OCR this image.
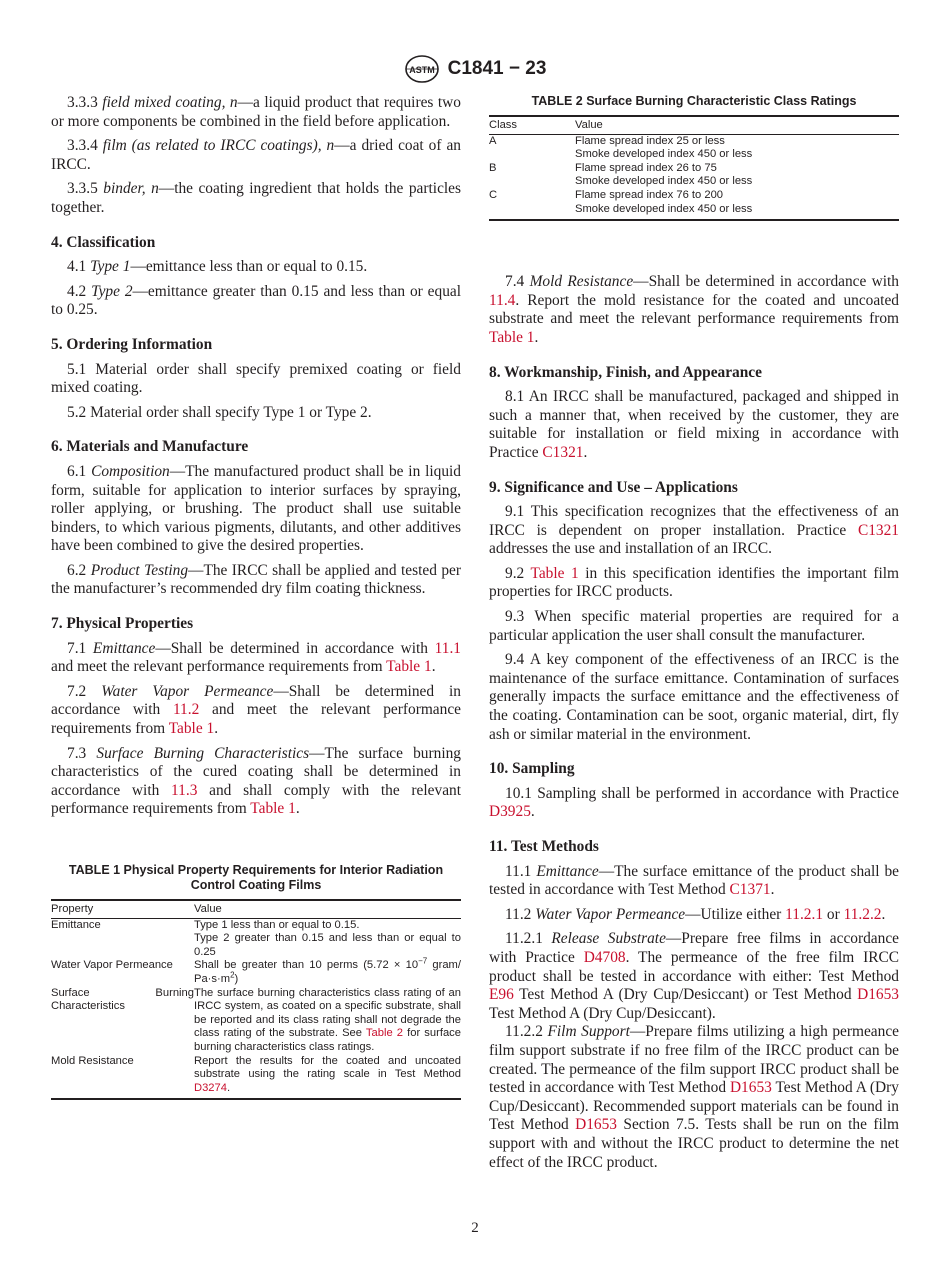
ASTM C1841 − 23

3.3.3 field mixed coating, n—a liquid product that requires two or more components be combined in the field before application.

3.3.4 film (as related to IRCC coatings), n—a dried coat of an IRCC.

3.3.5 binder, n—the coating ingredient that holds the particles together.

4. Classification

4.1 Type 1—emittance less than or equal to 0.15.

4.2 Type 2—emittance greater than 0.15 and less than or equal to 0.25.

5. Ordering Information

5.1 Material order shall specify premixed coating or field mixed coating.

5.2 Material order shall specify Type 1 or Type 2.

6. Materials and Manufacture

6.1 Composition—The manufactured product shall be in liquid form, suitable for application to interior surfaces by spraying, roller applying, or brushing. The product shall use suitable binders, to which various pigments, dilutants, and other additives have been combined to give the desired properties.

6.2 Product Testing—The IRCC shall be applied and tested per the manufacturer’s recommended dry film coating thickness.

7. Physical Properties

7.1 Emittance—Shall be determined in accordance with 11.1 and meet the relevant performance requirements from Table 1.

7.2 Water Vapor Permeance—Shall be determined in accordance with 11.2 and meet the relevant performance requirements from Table 1.

7.3 Surface Burning Characteristics—The surface burning characteristics of the cured coating shall be determined in accordance with 11.3 and shall comply with the relevant performance requirements from Table 1.

TABLE 1 Physical Property Requirements for Interior Radiation Control Coating Films
Property	Value
Emittance	Type 1 less than or equal to 0.15.
Type 2 greater than 0.15 and less than or equal to 0.25

Water Vapor Permeance	Shall be greater than 10 perms ($5.72 \times 10^{-7}$ gram/ $Pa\cdot s\cdot m^2$)
Surface Burning Characteristics	The surface burning characteristics class rating of an IRCC system, as coated on a specific substrate, shall be reported and its class rating shall not degrade the class rating of the substrate. See Table 2 for surface burning characteristics class ratings.
Mold Resistance	Report the results for the coated and uncoated substrate using the rating scale in Test Method D3274.
TABLE 2 Surface Burning Characteristic Class Ratings
Class	Value
A	Flame spread index 25 or less
Smoke developed index 450 or less

B	Flame spread index 26 to 75
Smoke developed index 450 or less

C	Flame spread index 76 to 200
Smoke developed index 450 or less

7.4 Mold Resistance—Shall be determined in accordance with 11.4. Report the mold resistance for the coated and uncoated substrate and meet the relevant performance requirements from Table 1.

8. Workmanship, Finish, and Appearance

8.1 An IRCC shall be manufactured, packaged and shipped in such a manner that, when received by the customer, they are suitable for installation or field mixing in accordance with Practice C1321.

9. Significance and Use – Applications

9.1 This specification recognizes that the effectiveness of an IRCC is dependent on proper installation. Practice C1321 addresses the use and installation of an IRCC.

9.2 Table 1 in this specification identifies the important film properties for IRCC products.

9.3 When specific material properties are required for a particular application the user shall consult the manufacturer.

9.4 A key component of the effectiveness of an IRCC is the maintenance of the surface emittance. Contamination of surfaces generally impacts the surface emittance and the effectiveness of the coating. Contamination can be soot, organic material, dirt, fly ash or similar material in the environment.

10. Sampling

10.1 Sampling shall be performed in accordance with Practice D3925.

11. Test Methods

11.1 Emittance—The surface emittance of the product shall be tested in accordance with Test Method C1371.

11.2 Water Vapor Permeance—Utilize either 11.2.1 or 11.2.2.

11.2.1 Release Substrate—Prepare free films in accordance with Practice D4708. The permeance of the free film IRCC product shall be tested in accordance with either: Test Method E96 Test Method A (Dry Cup/Desiccant) or Test Method D1653 Test Method A (Dry Cup/Desiccant).

11.2.2 Film Support—Prepare films utilizing a high permeance film support substrate if no free film of the IRCC product can be created. The permeance of the film support IRCC product shall be tested in accordance with Test Method D1653 Test Method A (Dry Cup/Desiccant). Recommended support materials can be found in Test Method D1653 Section 7.5. Tests shall be run on the film support with and without the IRCC product to determine the net effect of the IRCC product.

2
